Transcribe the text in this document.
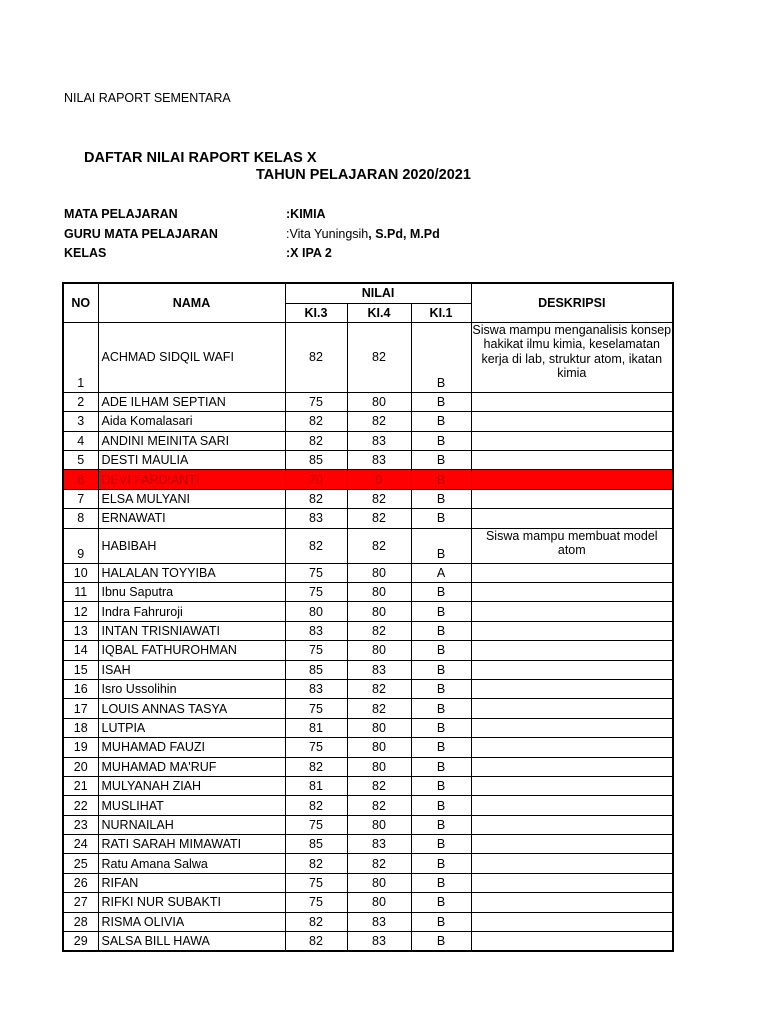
NILAI RAPORT SEMENTARA
DAFTAR NILAI RAPORT KELAS X
TAHUN PELAJARAN 2020/2021
MATA PELAJARAN	:KIMIA
GURU MATA PELAJARAN	:Vita Yuningsih, S.Pd, M.Pd
KELAS	:X IPA 2
NO	NAMA	NILAI			DESKRIPSI
		KI.3	KI.4	KI.1	
1	ACHMAD SIDQIL WAFI	82	82	B	Siswa mampu menganalisis konsep hakikat ilmu kimia, keselamatan kerja di lab, struktur atom, ikatan kimia
2	ADE ILHAM SEPTIAN	75	80	B	
3	Aida Komalasari	82	82	B	
4	ANDINI MEINITA SARI	82	83	B	
5	DESTI MAULIA	85	83	B	
6	DEVI FARDIANTI	70	0	B	
7	ELSA MULYANI	82	82	B	
8	ERNAWATI	83	82	B	
9	HABIBAH	82	82	B	Siswa mampu membuat model atom
10	HALALAN TOYYIBA	75	80	A	
11	Ibnu Saputra	75	80	B	
12	Indra Fahruroji	80	80	B	
13	INTAN TRISNIAWATI	83	82	B	
14	IQBAL FATHUROHMAN	75	80	B	
15	ISAH	85	83	B	
16	Isro Ussolihin	83	82	B	
17	LOUIS ANNAS TASYA	75	82	B	
18	LUTPIA	81	80	B	
19	MUHAMAD FAUZI	75	80	B	
20	MUHAMAD MA'RUF	82	80	B	
21	MULYANAH ZIAH	81	82	B	
22	MUSLIHAT	82	82	B	
23	NURNAILAH	75	80	B	
24	RATI SARAH MIMAWATI	85	83	B	
25	Ratu Amana Salwa	82	82	B	
26	RIFAN	75	80	B	
27	RIFKI NUR SUBAKTI	75	80	B	
28	RISMA OLIVIA	82	83	B	
29	SALSA BILL HAWA	82	83	B	
